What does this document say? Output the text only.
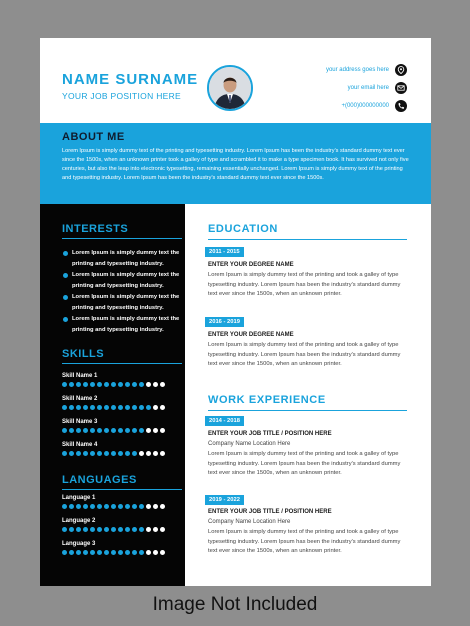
NAME SURNAME
YOUR JOB POSITION HERE
your address goes here
your email here
+(000)000000000
ABOUT ME
Lorem Ipsum is simply dummy text of the printing and typesetting industry. Lorem Ipsum has been the industry's standard dummy text ever since the 1500s, when an unknown printer took a galley of type and scrambled it to make a type specimen book. It has survived not only five centuries, but also the leap into electronic typesetting, remaining essentially unchanged. Lorem Ipsum is simply dummy text of the printing and typesetting industry. Lorem Ipsum has been the industry's standard dummy text ever since the 1500s.
INTERESTS
Lorem Ipsum is simply dummy text the printing and typesetting industry.
Lorem Ipsum is simply dummy text the printing and typesetting industry.
Lorem Ipsum is simply dummy text the printing and typesetting industry.
Lorem Ipsum is simply dummy text the printing and typesetting industry.
SKILLS
Skill Name 1
Skill Name 2
Skill Name 3
Skill Name 4
LANGUAGES
Language 1
Language 2
Language 3
EDUCATION
2011 - 2015
ENTER YOUR DEGREE NAME
Lorem Ipsum is simply dummy text of the printing and took a galley of type typesetting industry. Lorem Ipsum has been the industry's standard dummy text ever since the 1500s, when an unknown printer.
2016 - 2019
ENTER YOUR DEGREE NAME
Lorem Ipsum is simply dummy text of the printing and took a galley of type typesetting industry. Lorem Ipsum has been the industry's standard dummy text ever since the 1500s, when an unknown printer.
WORK EXPERIENCE
2014 - 2018
ENTER YOUR JOB TITLE / POSITION HERE
Company Name Location Here
Lorem Ipsum is simply dummy text of the printing and took a galley of type typesetting industry. Lorem Ipsum has been the industry's standard dummy text ever since the 1500s, when an unknown printer.
2019 - 2022
ENTER YOUR JOB TITLE / POSITION HERE
Company Name Location Here
Lorem Ipsum is simply dummy text of the printing and took a galley of type typesetting industry. Lorem Ipsum has been the industry's standard dummy text ever since the 1500s, when an unknown printer.
Image Not Included
